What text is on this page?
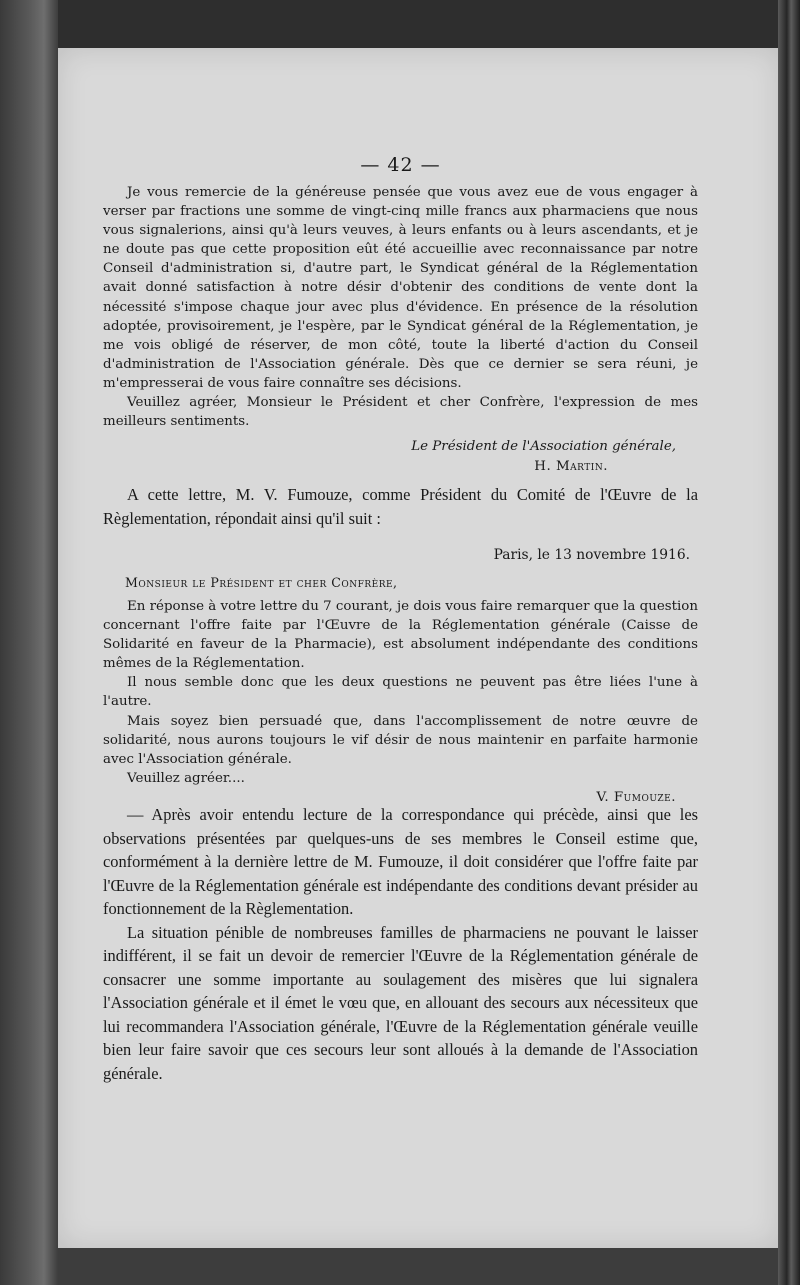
— 42 —

Je vous remercie de la généreuse pensée que vous avez eue de vous engager à verser par fractions une somme de vingt-cinq mille francs aux pharmaciens que nous vous signalerions, ainsi qu'à leurs veuves, à leurs enfants ou à leurs ascendants, et je ne doute pas que cette proposition eût été accueillie avec reconnaissance par notre Conseil d'administration si, d'autre part, le Syndicat général de la Réglementation avait donné satisfaction à notre désir d'obtenir des conditions de vente dont la nécessité s'impose chaque jour avec plus d'évidence. En présence de la résolution adoptée, provisoirement, je l'espère, par le Syndicat général de la Réglementation, je me vois obligé de réserver, de mon côté, toute la liberté d'action du Conseil d'administration de l'Association générale. Dès que ce dernier se sera réuni, je m'empresserai de vous faire connaître ses décisions.

Veuillez agréer, Monsieur le Président et cher Confrère, l'expression de mes meilleurs sentiments.

Le Président de l'Association générale,

H. Martin.

A cette lettre, M. V. Fumouze, comme Président du Comité de l'Œuvre de la Règlementation, répondait ainsi qu'il suit :

Paris, le 13 novembre 1916.

Monsieur le Président et cher Confrère,

En réponse à votre lettre du 7 courant, je dois vous faire remarquer que la question concernant l'offre faite par l'Œuvre de la Réglementation générale (Caisse de Solidarité en faveur de la Pharmacie), est absolument indépendante des conditions mêmes de la Réglementation.

Il nous semble donc que les deux questions ne peuvent pas être liées l'une à l'autre.

Mais soyez bien persuadé que, dans l'accomplissement de notre œuvre de solidarité, nous aurons toujours le vif désir de nous maintenir en parfaite harmonie avec l'Association générale.

Veuillez agréer....

V. Fumouze.

— Après avoir entendu lecture de la correspondance qui précède, ainsi que les observations présentées par quelques-uns de ses membres le Conseil estime que, conformément à la dernière lettre de M. Fumouze, il doit considérer que l'offre faite par l'Œuvre de la Réglementation générale est indépendante des conditions devant présider au fonctionnement de la Règlementation.

La situation pénible de nombreuses familles de pharmaciens ne pouvant le laisser indifférent, il se fait un devoir de remercier l'Œuvre de la Réglementation générale de consacrer une somme importante au soulagement des misères que lui signalera l'Association générale et il émet le vœu que, en allouant des secours aux nécessiteux que lui recommandera l'Association générale, l'Œuvre de la Réglementation générale veuille bien leur faire savoir que ces secours leur sont alloués à la demande de l'Association générale.
